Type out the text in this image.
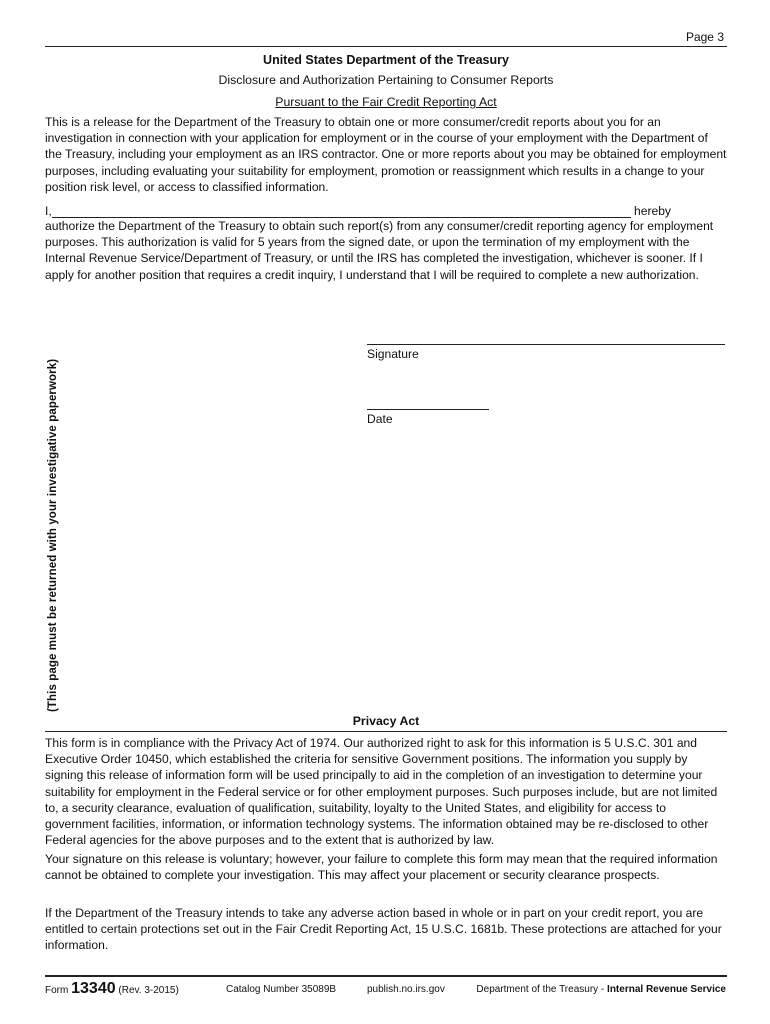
Page 3
United States Department of the Treasury
Disclosure and Authorization Pertaining to Consumer Reports
Pursuant to the Fair Credit Reporting Act

This is a release for the Department of the Treasury to obtain one or more consumer/credit reports about you for an investigation in connection with your application for employment or in the course of your employment with the Department of the Treasury, including your employment as an IRS contractor. One or more reports about you may be obtained for employment purposes, including evaluating your suitability for employment, promotion or reassignment which results in a change to your position risk level, or access to classified information.

I,	hereby

authorize the Department of the Treasury to obtain such report(s) from any consumer/credit reporting agency for employment purposes. This authorization is valid for 5 years from the signed date, or upon the termination of my employment with the Internal Revenue Service/Department of Treasury, or until the IRS has completed the investigation, whichever is sooner. If I apply for another position that requires a credit inquiry, I understand that I will be required to complete a new authorization.

(This page must be returned with your investigative paperwork)
Signature
Date
Privacy Act

This form is in compliance with the Privacy Act of 1974. Our authorized right to ask for this information is 5 U.S.C. 301 and Executive Order 10450, which established the criteria for sensitive Government positions. The information you supply by signing this release of information form will be used principally to aid in the completion of an investigation to determine your suitability for employment in the Federal service or for other employment purposes. Such purposes include, but are not limited to, a security clearance, evaluation of qualification, suitability, loyalty to the United States, and eligibility for access to government facilities, information, or information technology systems. The information obtained may be re-disclosed to other Federal agencies for the above purposes and to the extent that is authorized by law.

Your signature on this release is voluntary; however, your failure to complete this form may mean that the required information cannot be obtained to complete your investigation. This may affect your placement or security clearance prospects.

If the Department of the Treasury intends to take any adverse action based in whole or in part on your credit report, you are entitled to certain protections set out in the Fair Credit Reporting Act, 15 U.S.C. 1681b. These protections are attached for your information.

Form 13340 (Rev. 3-2015)	Catalog Number 35089B	publish.no.irs.gov	Department of the Treasury - Internal Revenue Service
